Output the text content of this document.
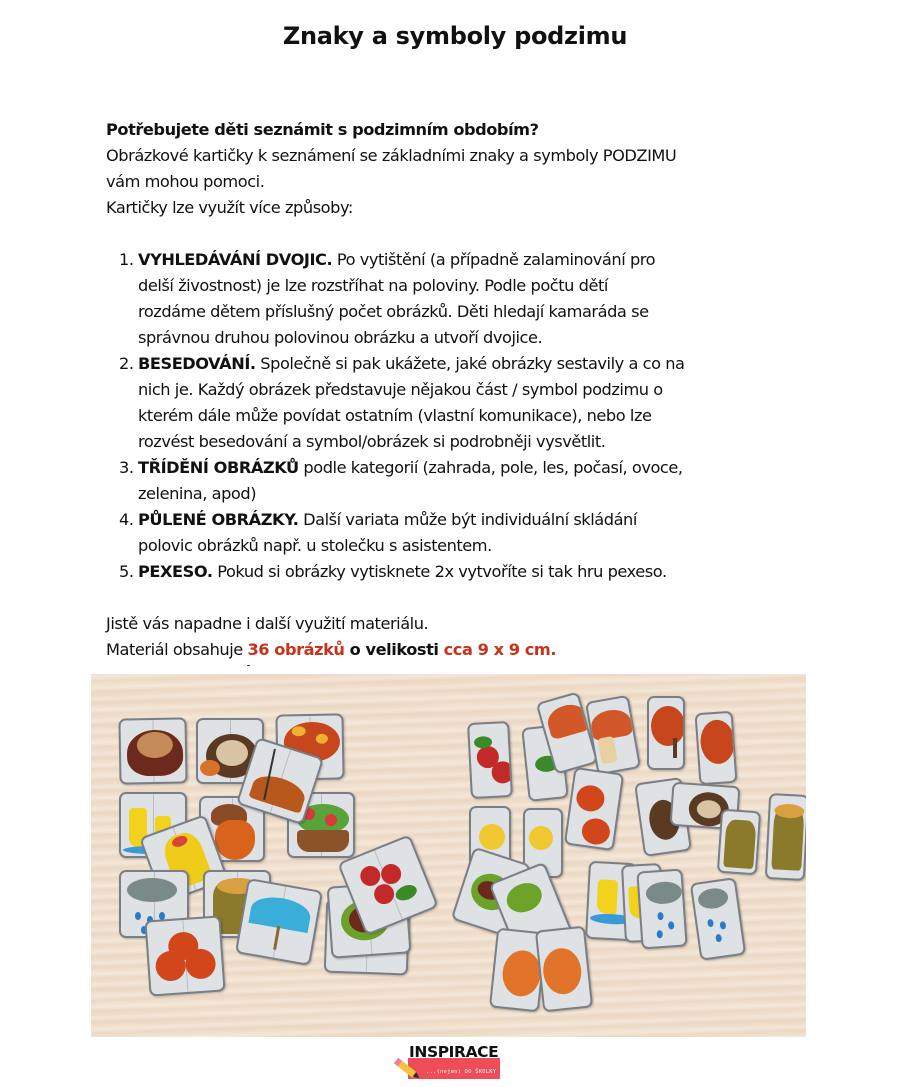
Znaky a symboly podzimu

Potřebujete děti seznámit s podzimním obdobím?

Obrázkové kartičky k seznámení se základními znaky a symboly PODZIMU

vám mohou pomoci.

Kartičky lze využít více způsoby:

1. VYHLEDÁVÁNÍ DVOJIC. Po vytištění (a případně zalaminování pro
delší živostnost) je lze rozstříhat na poloviny. Podle počtu dětí
rozdáme dětem příslušný počet obrázků. Děti hledají kamaráda se
správnou druhou polovinou obrázku a utvoří dvojice.
2. BESEDOVÁNÍ. Společně si pak ukážete, jaké obrázky sestavily a co na
nich je. Každý obrázek představuje nějakou část / symbol podzimu o
kterém dále může povídat ostatním (vlastní komunikace), nebo lze
rozvést besedování a symbol/obrázek si podrobněji vysvětlit.
3. TŘÍDĚNÍ OBRÁZKŮ podle kategorií (zahrada, pole, les, počasí, ovoce,
zelenina, apod)
4. PŮLENÉ OBRÁZKY. Další variata může být individuální skládání
polovic obrázků např. u stolečku s asistentem.
5. PEXESO. Pokud si obrázky vytisknete 2x vytvoříte si tak hru pexeso.

Jistě vás napadne i další využití materiálu.

Materiál obsahuje 36 obrázků o velikosti cca 9 x 9 cm.

INSPIRACE
...(nejen) DO ŠKOLKY
